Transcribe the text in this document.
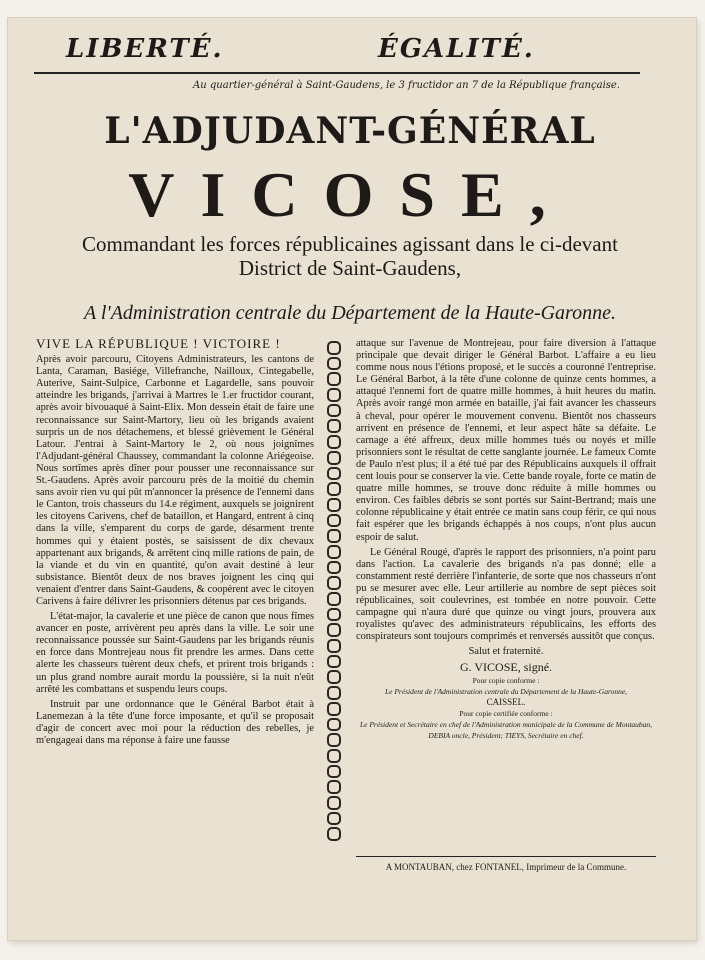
LIBERTÉ.	ÉGALITÉ.
Au quartier-général à Saint-Gaudens, le 3 fructidor an 7 de la République française.
L'ADJUDANT-GÉNÉRAL
VICOSE,
Commandant les forces républicaines agissant dans le ci-devant
District de Saint-Gaudens,
A l'Administration centrale du Département de la Haute-Garonne.
VIVE LA RÉPUBLIQUE ! VICTOIRE !

Après avoir parcouru, Citoyens Administrateurs, les cantons de Lanta, Caraman, Basiége, Villefranche, Nailloux, Cintegabelle, Auterive, Saint-Sulpice, Carbonne et Lagardelle, sans pouvoir atteindre les brigands, j'arrivai à Martres le 1.er fructidor courant, après avoir bivouaqué à Saint-Elix. Mon dessein était de faire une reconnaissance sur Saint-Martory, lieu où les brigands avaient surpris un de nos détachemens, et blessé grièvement le Général Latour. J'entrai à Saint-Martory le 2, où nous joignîmes l'Adjudant-général Chaussey, commandant la colonne Ariégeoise. Nous sortîmes après dîner pour pousser une reconnaissance sur St.-Gaudens. Après avoir parcouru près de la moitié du chemin sans avoir rien vu qui pût m'annoncer la présence de l'ennemi dans le Canton, trois chasseurs du 14.e régiment, auxquels se joignirent les citoyens Carivens, chef de bataillon, et Hangard, entrent à cinq dans la ville, s'emparent du corps de garde, désarment trente hommes qui y étaient postés, se saisissent de dix chevaux appartenant aux brigands, & arrêtent cinq mille rations de pain, de la viande et du vin en quantité, qu'on avait destiné à leur subsistance. Bientôt deux de nos braves joignent les cinq qui venaient d'entrer dans Saint-Gaudens, & coopèrent avec le citoyen Carivens à faire délivrer les prisonniers détenus par ces brigands.

L'état-major, la cavalerie et une pièce de canon que nous fîmes avancer en poste, arrivèrent peu après dans la ville. Le soir une reconnaissance poussée sur Saint-Gaudens par les brigands réunis en force dans Montrejeau nous fit prendre les armes. Dans cette alerte les chasseurs tuèrent deux chefs, et prirent trois brigands : un plus grand nombre aurait mordu la poussière, si la nuit n'eût arrêté les combattans et suspendu leurs coups.

Instruit par une ordonnance que le Général Barbot était à Lanemezan à la tête d'une force imposante, et qu'il se proposait d'agir de concert avec moi pour la réduction des rebelles, je m'engageai dans ma réponse à faire une fausse

attaque sur l'avenue de Montrejeau, pour faire diversion à l'attaque principale que devait diriger le Général Barbot. L'affaire a eu lieu comme nous nous l'étions proposé, et le succès a couronné l'entreprise. Le Général Barbot, à la tête d'une colonne de quinze cents hommes, a attaqué l'ennemi fort de quatre mille hommes, à huit heures du matin. Après avoir rangé mon armée en bataille, j'ai fait avancer les chasseurs à cheval, pour opérer le mouvement convenu. Bientôt nos chasseurs arrivent en présence de l'ennemi, et leur aspect hâte sa défaite. Le carnage a été affreux, deux mille hommes tués ou noyés et mille prisonniers sont le résultat de cette sanglante journée. Le fameux Comte de Paulo n'est plus; il a été tué par des Républicains auxquels il offrait cent louis pour se conserver la vie. Cette bande royale, forte ce matin de quatre mille hommes, se trouve donc réduite à mille hommes ou environ. Ces faibles débris se sont portés sur Saint-Bertrand; mais une colonne républicaine y était entrée ce matin sans coup férir, ce qui nous fait espérer que les brigands échappés à nos coups, n'ont plus aucun espoir de salut.

Le Général Rougé, d'après le rapport des prisonniers, n'a point paru dans l'action. La cavalerie des brigands n'a pas donné; elle a constamment resté derrière l'infanterie, de sorte que nos chasseurs n'ont pu se mesurer avec elle. Leur artillerie au nombre de sept pièces soit républicaines, soit coulevrines, est tombée en notre pouvoir. Cette campagne qui n'aura duré que quinze ou vingt jours, prouvera aux royalistes qu'avec des administrateurs républicains, les efforts des conspirateurs sont toujours comprimés et renversés aussitôt que conçus.

Salut et fraternité.
G. VICOSE, signé.
Pour copie conforme :
Le Président de l'Administration centrale du Département de la Haute-Garonne,
CAISSEL.
Pour copie certifiée conforme :
Le Président et Secrétaire en chef de l'Administration municipale de la Commune de Montauban,
DEBIA oncle, Président; TIEYS, Secrétaire en chef.
A MONTAUBAN, chez FONTANEL, Imprimeur de la Commune.
